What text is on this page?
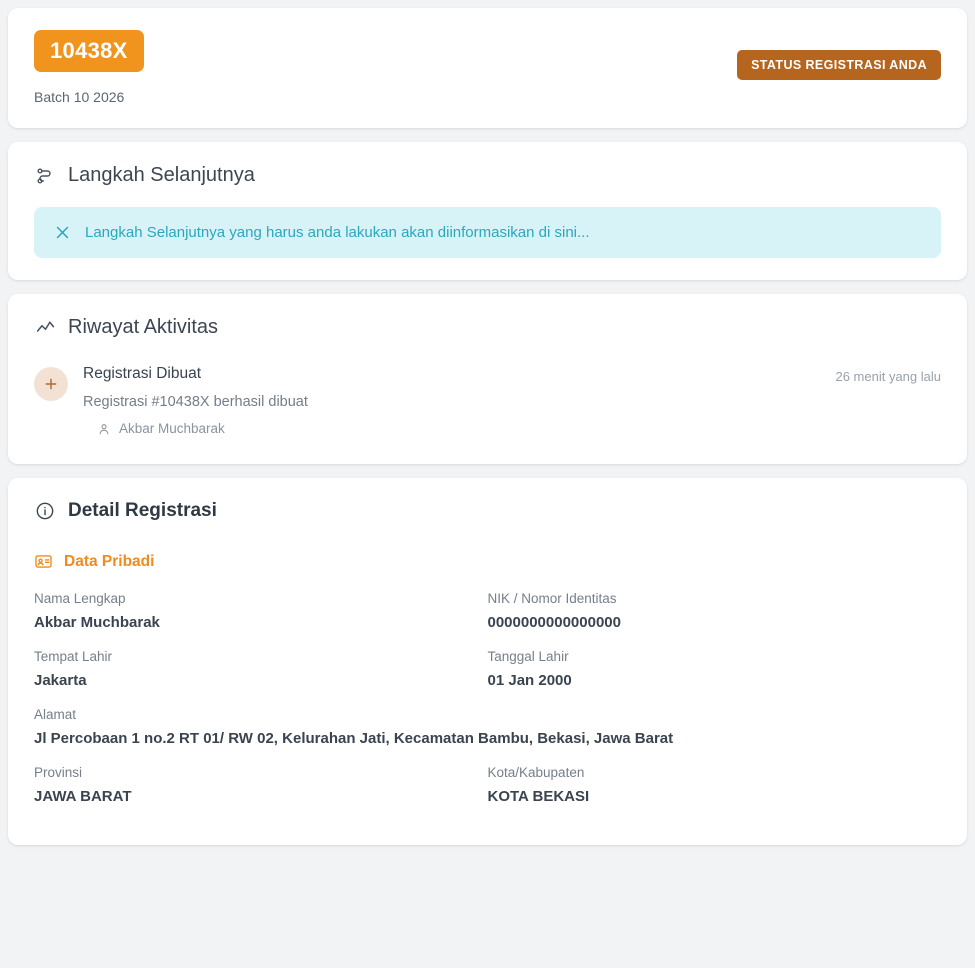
10438X
Batch 10 2026
STATUS REGISTRASI ANDA
Langkah Selanjutnya
Langkah Selanjutnya yang harus anda lakukan akan diinformasikan di sini...
Riwayat Aktivitas
Registrasi Dibuat
Registrasi #10438X berhasil dibuat
Akbar Muchbarak
26 menit yang lalu
Detail Registrasi
Data Pribadi
Nama Lengkap
Akbar Muchbarak
NIK / Nomor Identitas
0000000000000000
Tempat Lahir
Jakarta
Tanggal Lahir
01 Jan 2000
Alamat
Jl Percobaan 1 no.2 RT 01/ RW 02, Kelurahan Jati, Kecamatan Bambu, Bekasi, Jawa Barat
Provinsi
JAWA BARAT
Kota/Kabupaten
KOTA BEKASI
